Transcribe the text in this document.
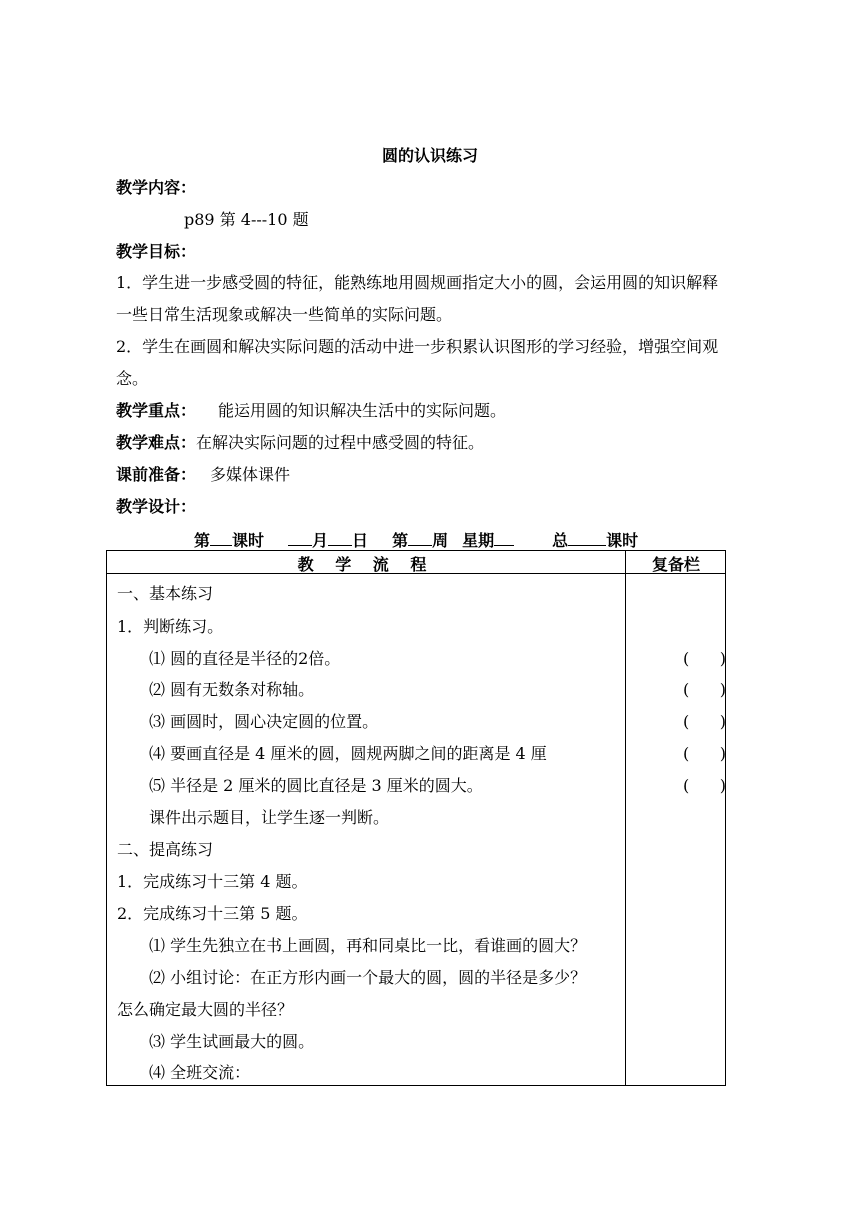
圆的认识练习
教学内容：
p89 第 4---10 题
教学目标：
1．学生进一步感受圆的特征，能熟练地用圆规画指定大小的圆，会运用圆的知识解释
一些日常生活现象或解决一些简单的实际问题。
2．学生在画圆和解决实际问题的活动中进一步积累认识图形的学习经验，增强空间观
念。
教学重点： 能运用圆的知识解决生活中的实际问题。
教学难点：在解决实际问题的过程中感受圆的特征。
课前准备： 多媒体课件
教学设计：
第 课时	月 日 第 周 星期	总 课时
教 学 流 程	复备栏
一、基本练习
1．判断练习。
⑴ 圆的直径是半径的2倍。	(      )
⑵ 圆有无数条对称轴。	(      )
⑶ 画圆时，圆心决定圆的位置。	(      )
⑷ 要画直径是 4 厘米的圆，圆规两脚之间的距离是 4 厘	(      )
⑸ 半径是 2 厘米的圆比直径是 3 厘米的圆大。	(      )
课件出示题目，让学生逐一判断。
二、提高练习
1．完成练习十三第 4 题。
2．完成练习十三第 5 题。
⑴ 学生先独立在书上画圆，再和同桌比一比，看谁画的圆大？
⑵ 小组讨论：在正方形内画一个最大的圆，圆的半径是多少？
怎么确定最大圆的半径？
⑶ 学生试画最大的圆。
⑷ 全班交流：
